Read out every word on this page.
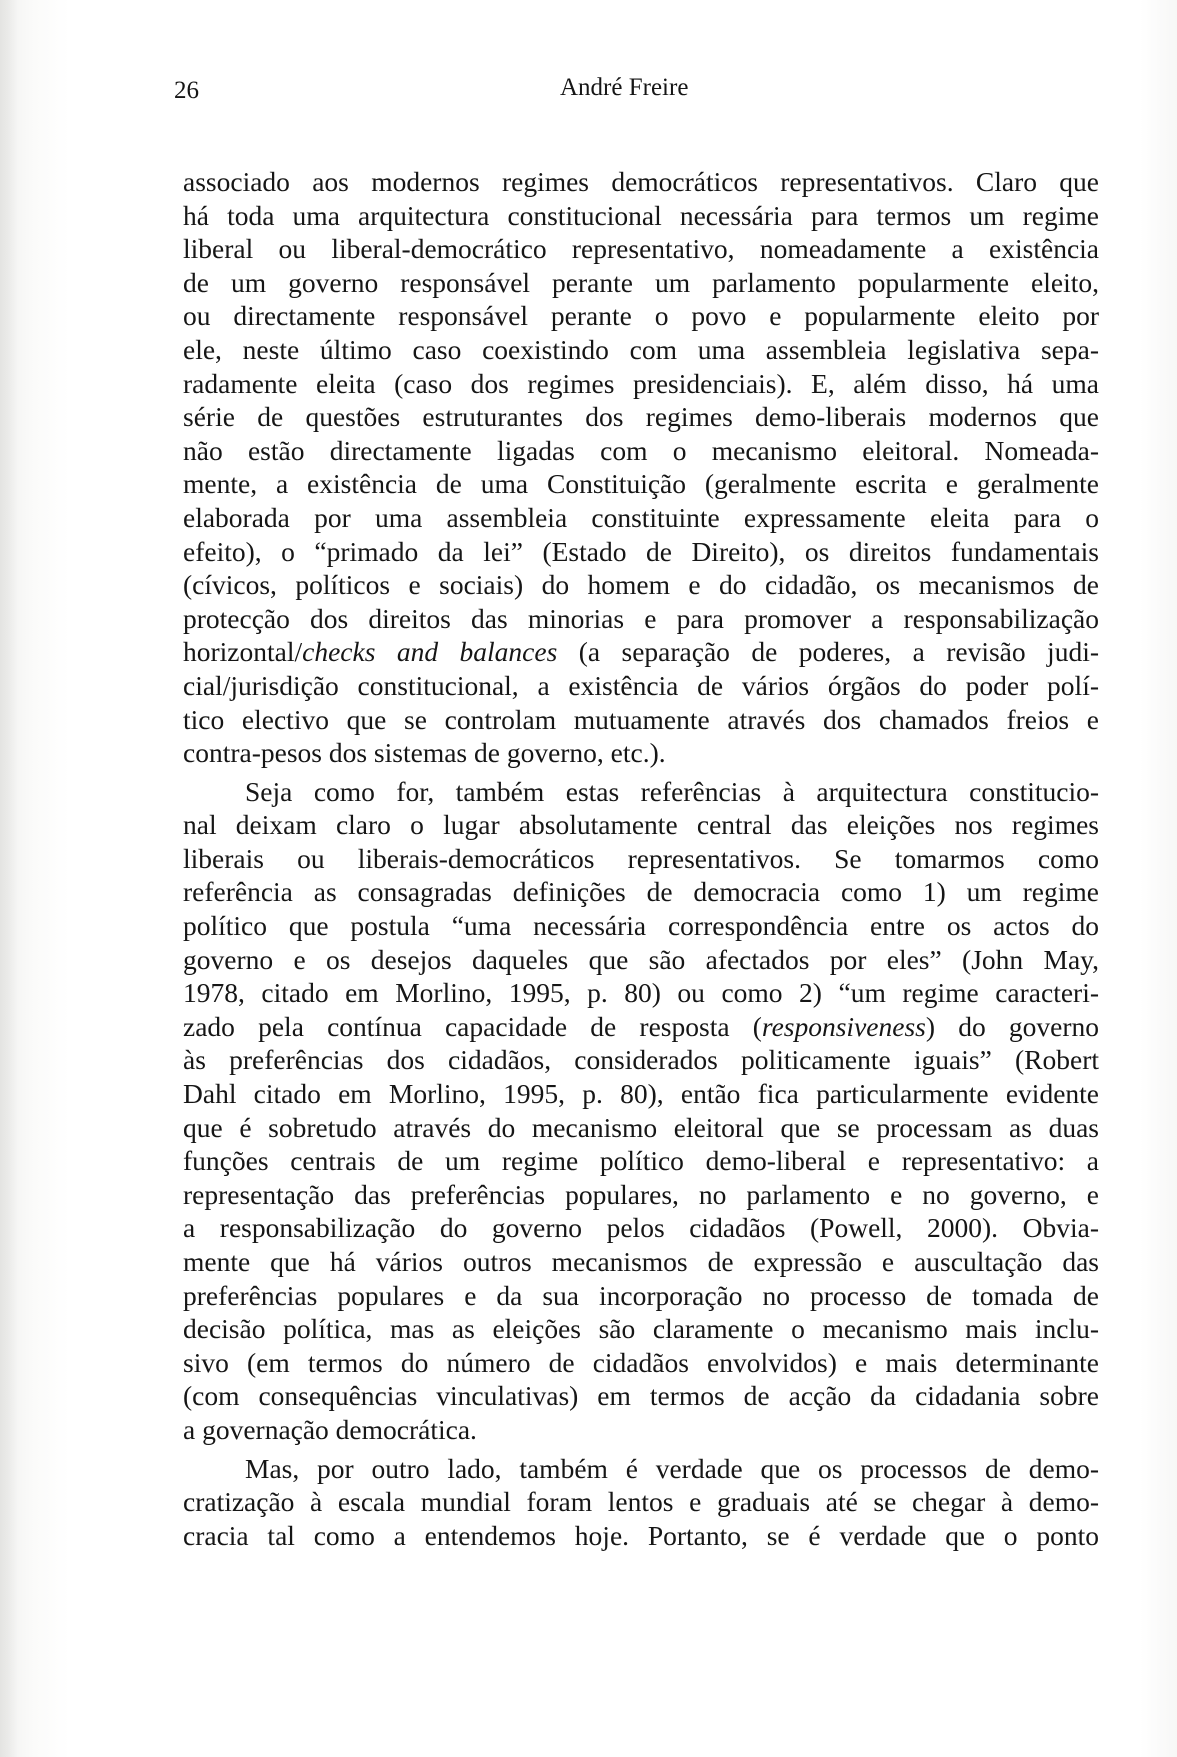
26	André Freire
associado aos modernos regimes democráticos representativos. Claro que
há toda uma arquitectura constitucional necessária para termos um regime
liberal ou liberal-democrático representativo, nomeadamente a existência
de um governo responsável perante um parlamento popularmente eleito,
ou directamente responsável perante o povo e popularmente eleito por
ele, neste último caso coexistindo com uma assembleia legislativa sepa-
radamente eleita (caso dos regimes presidenciais). E, além disso, há uma
série de questões estruturantes dos regimes demo-liberais modernos que
não estão directamente ligadas com o mecanismo eleitoral. Nomeada-
mente, a existência de uma Constituição (geralmente escrita e geralmente
elaborada por uma assembleia constituinte expressamente eleita para o
efeito), o “primado da lei” (Estado de Direito), os direitos fundamentais
(cívicos, políticos e sociais) do homem e do cidadão, os mecanismos de
protecção dos direitos das minorias e para promover a responsabilização
horizontal/checks and balances (a separação de poderes, a revisão judi-
cial/jurisdição constitucional, a existência de vários órgãos do poder polí-
tico electivo que se controlam mutuamente através dos chamados freios e
contra-pesos dos sistemas de governo, etc.).
Seja como for, também estas referências à arquitectura constitucio-
nal deixam claro o lugar absolutamente central das eleições nos regimes
liberais ou liberais-democráticos representativos. Se tomarmos como
referência as consagradas definições de democracia como 1) um regime
político que postula “uma necessária correspondência entre os actos do
governo e os desejos daqueles que são afectados por eles” (John May,
1978, citado em Morlino, 1995, p. 80) ou como 2) “um regime caracteri-
zado pela contínua capacidade de resposta (responsiveness) do governo
às preferências dos cidadãos, considerados politicamente iguais” (Robert
Dahl citado em Morlino, 1995, p. 80), então fica particularmente evidente
que é sobretudo através do mecanismo eleitoral que se processam as duas
funções centrais de um regime político demo-liberal e representativo: a
representação das preferências populares, no parlamento e no governo, e
a responsabilização do governo pelos cidadãos (Powell, 2000). Obvia-
mente que há vários outros mecanismos de expressão e auscultação das
preferências populares e da sua incorporação no processo de tomada de
decisão política, mas as eleições são claramente o mecanismo mais inclu-
sivo (em termos do número de cidadãos envolvidos) e mais determinante
(com consequências vinculativas) em termos de acção da cidadania sobre
a governação democrática.
Mas, por outro lado, também é verdade que os processos de demo-
cratização à escala mundial foram lentos e graduais até se chegar à demo-
cracia tal como a entendemos hoje. Portanto, se é verdade que o ponto
